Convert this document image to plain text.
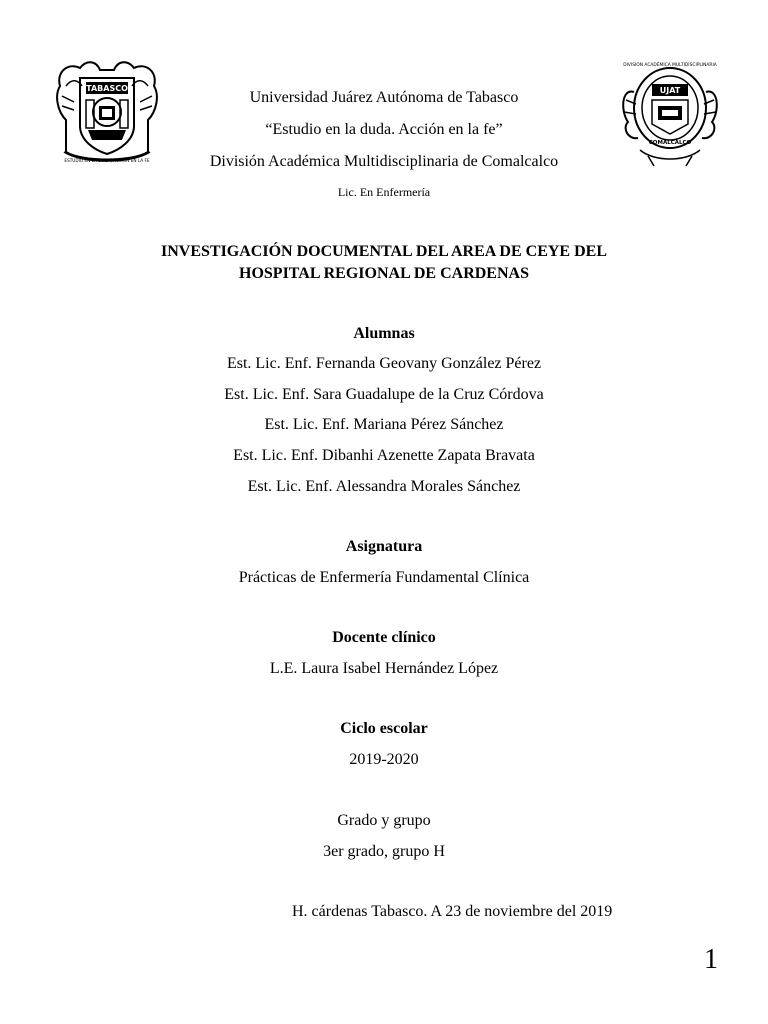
TABASCO
ESTUDIO EN LA DUDA, ACCIÓN EN LA FE
DIVISIÓN ACADÉMICA MULTIDISCIPLINARIA
UJAT
COMALCALCO
Universidad Juárez Autónoma de Tabasco
“Estudio en la duda. Acción en la fe”
División Académica Multidisciplinaria de Comalcalco
Lic. En Enfermería
INVESTIGACIÓN DOCUMENTAL DEL AREA DE CEYE DEL
HOSPITAL REGIONAL DE CARDENAS
Alumnas
Est. Lic. Enf. Fernanda Geovany González Pérez
Est. Lic. Enf. Sara Guadalupe de la Cruz Córdova
Est. Lic. Enf. Mariana Pérez Sánchez
Est. Lic. Enf. Dibanhi Azenette Zapata Bravata
Est. Lic. Enf. Alessandra Morales Sánchez
Asignatura
Prácticas de Enfermería Fundamental Clínica
Docente clínico
L.E. Laura Isabel Hernández López
Ciclo escolar
2019-2020
Grado y grupo
3er grado, grupo H
H. cárdenas Tabasco. A 23 de noviembre del 2019
1
